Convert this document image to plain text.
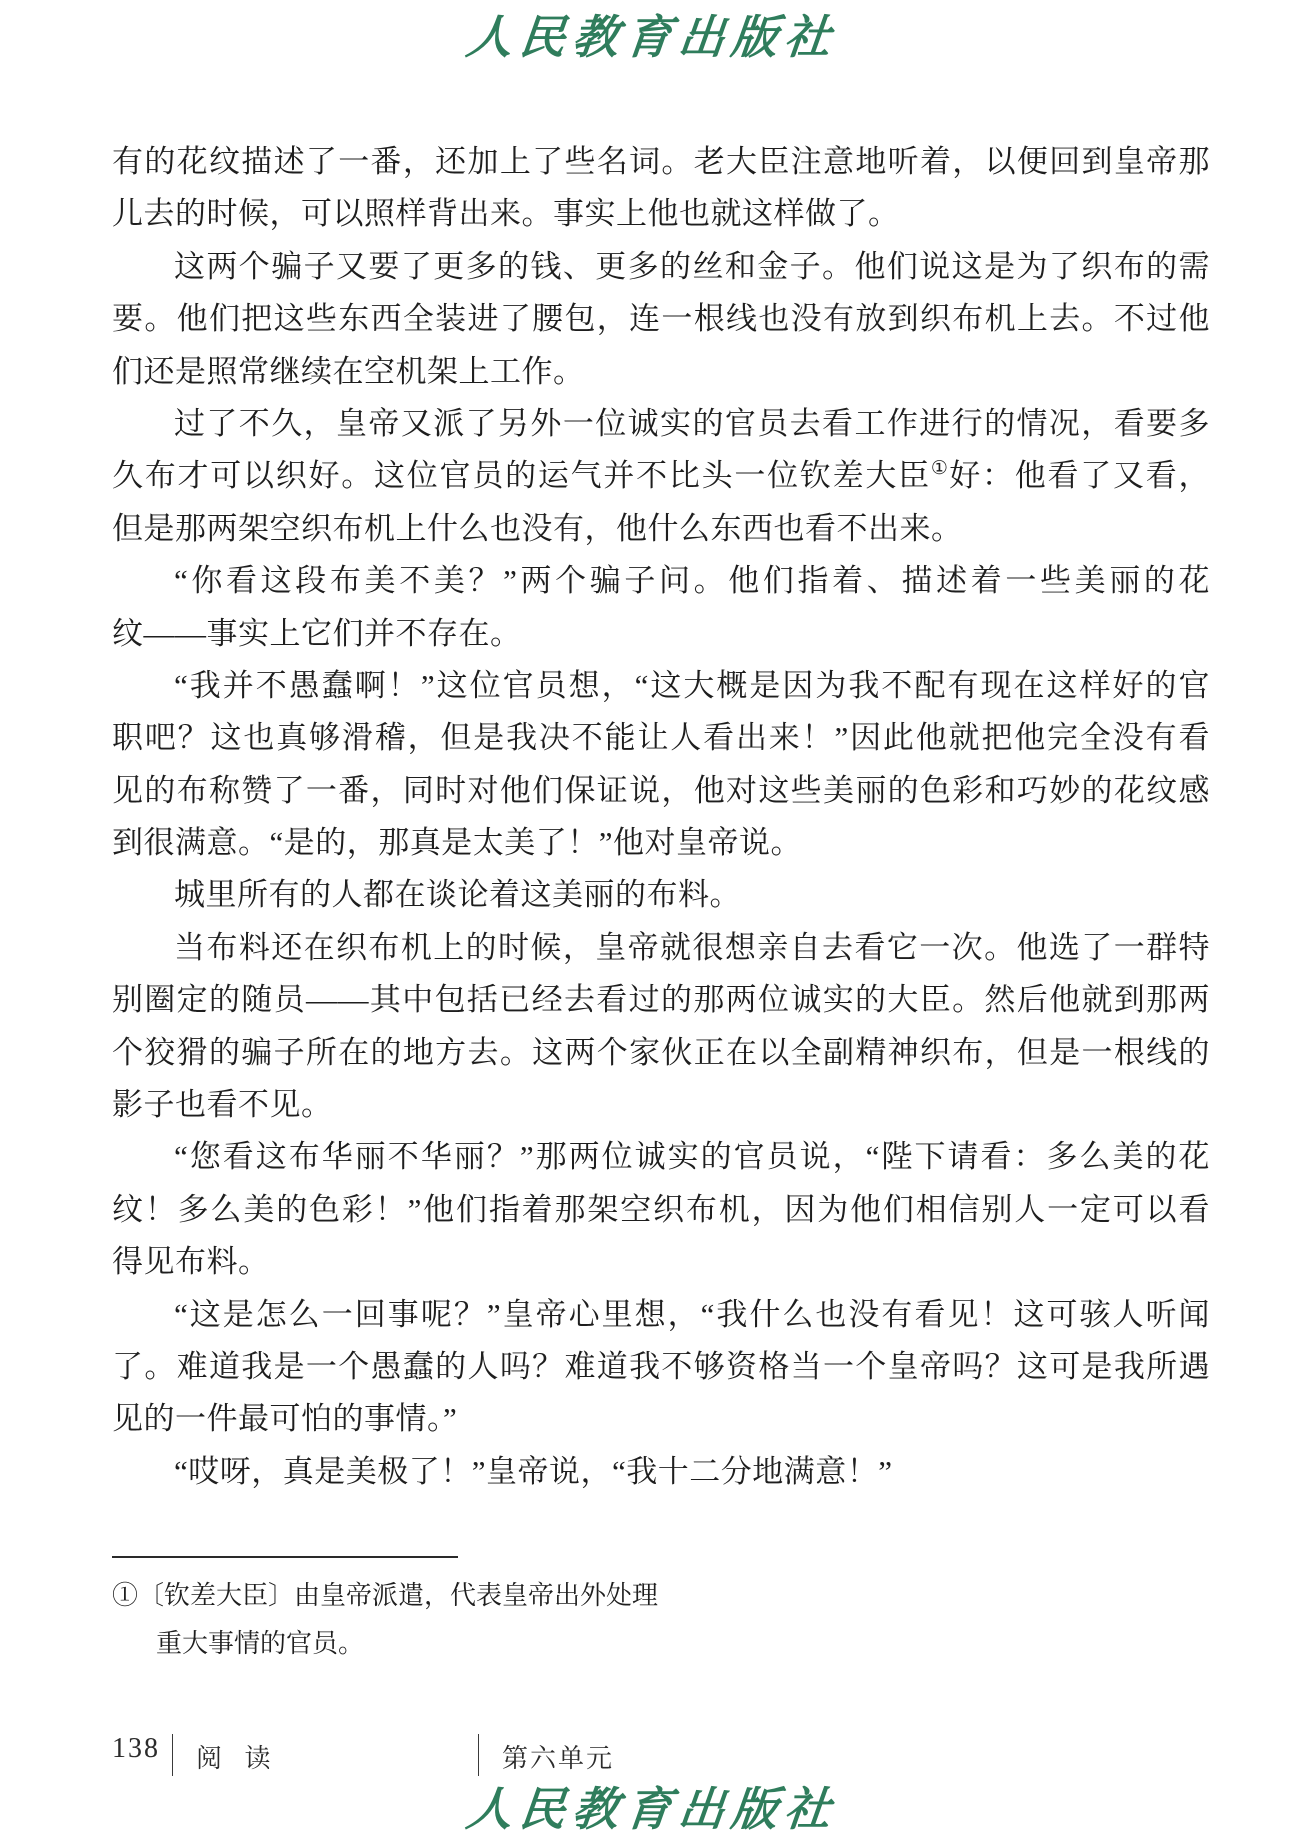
人民教育出版社
有的花纹描述了一番，还加上了些名词。老大臣注意地听着，以便回到皇帝那
儿去的时候，可以照样背出来。事实上他也就这样做了。
这两个骗子又要了更多的钱、更多的丝和金子。他们说这是为了织布的需
要。他们把这些东西全装进了腰包，连一根线也没有放到织布机上去。不过他
们还是照常继续在空机架上工作。
过了不久，皇帝又派了另外一位诚实的官员去看工作进行的情况，看要多
久布才可以织好。这位官员的运气并不比头一位钦差大臣①好：他看了又看，
但是那两架空织布机上什么也没有，他什么东西也看不出来。
“你看这段布美不美？”两个骗子问。他们指着、描述着一些美丽的花
纹——事实上它们并不存在。
“我并不愚蠢啊！”这位官员想，“这大概是因为我不配有现在这样好的官
职吧？这也真够滑稽，但是我决不能让人看出来！”因此他就把他完全没有看
见的布称赞了一番，同时对他们保证说，他对这些美丽的色彩和巧妙的花纹感
到很满意。“是的，那真是太美了！”他对皇帝说。
城里所有的人都在谈论着这美丽的布料。
当布料还在织布机上的时候，皇帝就很想亲自去看它一次。他选了一群特
别圈定的随员——其中包括已经去看过的那两位诚实的大臣。然后他就到那两
个狡猾的骗子所在的地方去。这两个家伙正在以全副精神织布，但是一根线的
影子也看不见。
“您看这布华丽不华丽？”那两位诚实的官员说，“陛下请看：多么美的花
纹！多么美的色彩！”他们指着那架空织布机，因为他们相信别人一定可以看
得见布料。
“这是怎么一回事呢？”皇帝心里想，“我什么也没有看见！这可骇人听闻
了。难道我是一个愚蠢的人吗？难道我不够资格当一个皇帝吗？这可是我所遇
见的一件最可怕的事情。”
“哎呀，真是美极了！”皇帝说，“我十二分地满意！”
①〔钦差大臣〕由皇帝派遣，代表皇帝出外处理
重大事情的官员。
138 阅 读	第六单元
人民教育出版社
